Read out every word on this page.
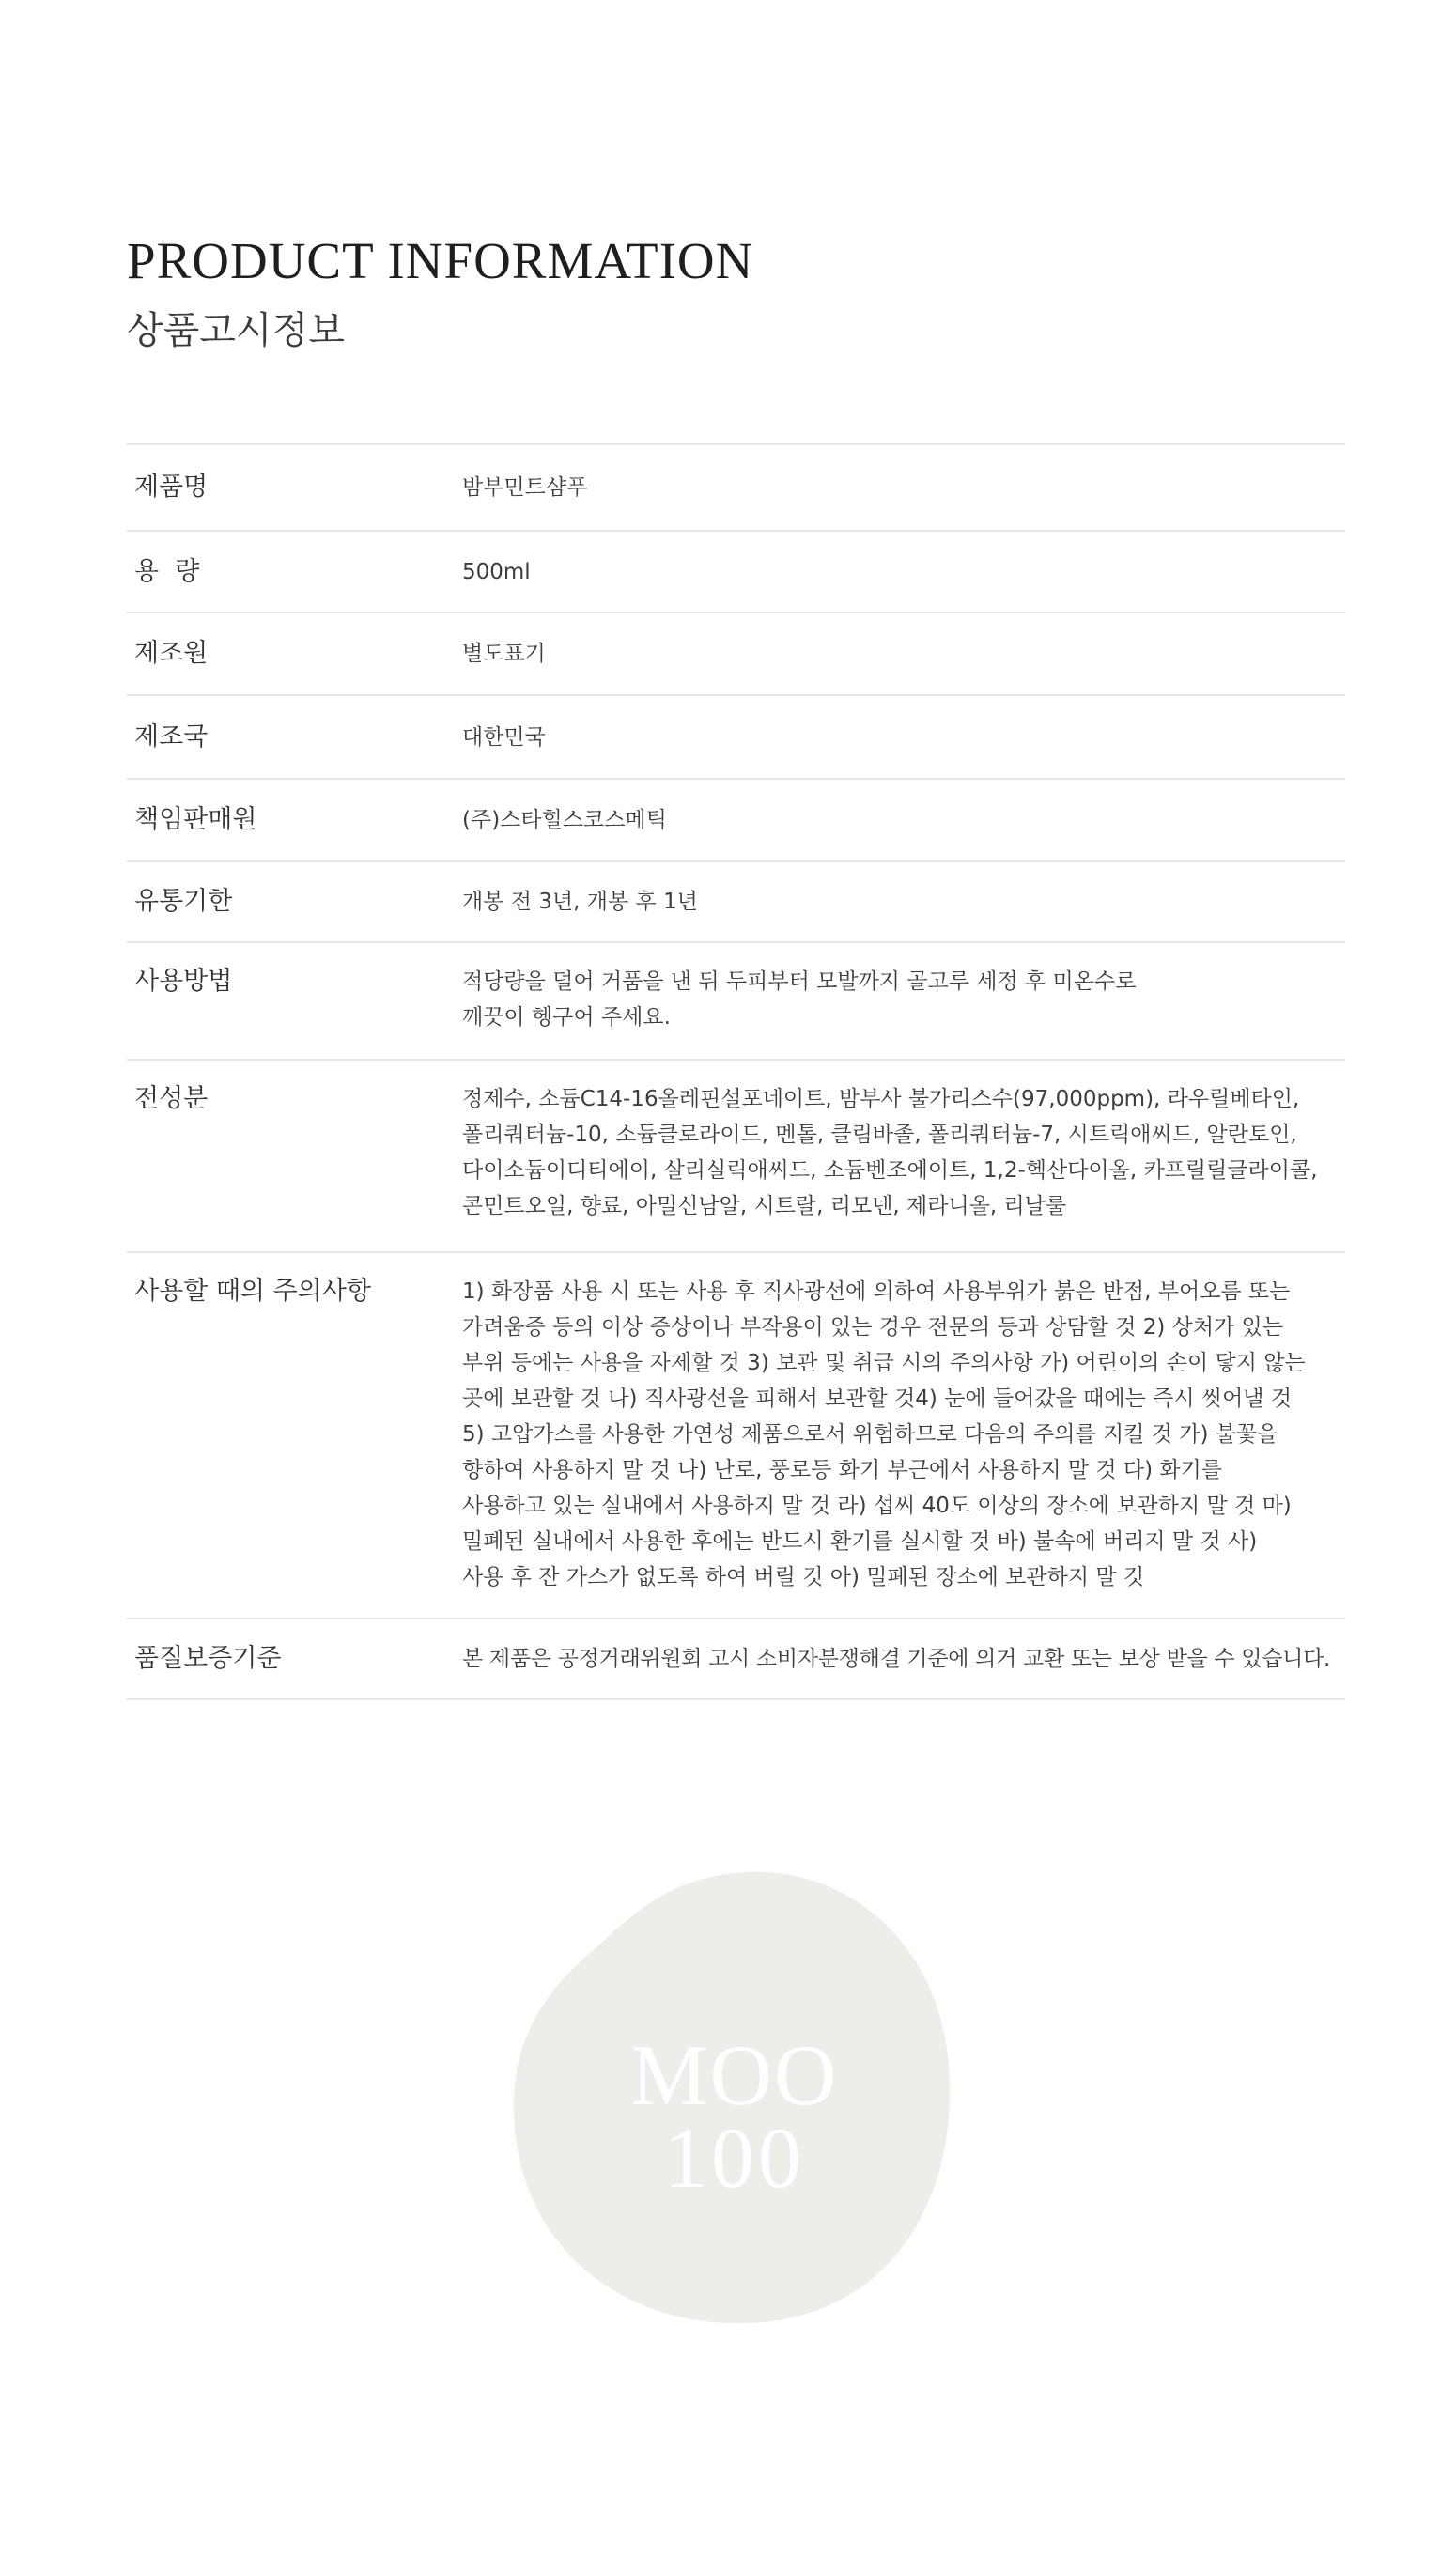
PRODUCT INFORMATION
상품고시정보
제품명	밤부민트샴푸
용  량	500ml
제조원	별도표기
제조국	대한민국
책임판매원	(주)스타힐스코스메틱
유통기한	개봉 전 3년, 개봉 후 1년
사용방법	적당량을 덜어 거품을 낸 뒤 두피부터 모발까지 골고루 세정 후 미온수로
깨끗이 헹구어 주세요.
전성분	정제수, 소듐C14-16올레핀설포네이트, 밤부사 불가리스수(97,000ppm), 라우릴베타인,
폴리쿼터늄-10, 소듐클로라이드, 멘톨, 클림바졸, 폴리쿼터늄-7, 시트릭애씨드, 알란토인,
다이소듐이디티에이, 살리실릭애씨드, 소듐벤조에이트, 1,2-헥산다이올, 카프릴릴글라이콜,
콘민트오일, 향료, 아밀신남알, 시트랄, 리모넨, 제라니올, 리날룰
사용할 때의 주의사항	1) 화장품 사용 시 또는 사용 후 직사광선에 의하여 사용부위가 붉은 반점, 부어오름 또는
가려움증 등의 이상 증상이나 부작용이 있는 경우 전문의 등과 상담할 것 2) 상처가 있는
부위 등에는 사용을 자제할 것 3) 보관 및 취급 시의 주의사항 가) 어린이의 손이 닿지 않는
곳에 보관할 것 나) 직사광선을 피해서 보관할 것4) 눈에 들어갔을 때에는 즉시 씻어낼 것
5) 고압가스를 사용한 가연성 제품으로서 위험하므로 다음의 주의를 지킬 것 가) 불꽃을
향하여 사용하지 말 것 나) 난로, 풍로등 화기 부근에서 사용하지 말 것 다) 화기를
사용하고 있는 실내에서 사용하지 말 것 라) 섭씨 40도 이상의 장소에 보관하지 말 것 마)
밀폐된 실내에서 사용한 후에는 반드시 환기를 실시할 것 바) 불속에 버리지 말 것 사)
사용 후 잔 가스가 없도록 하여 버릴 것 아) 밀폐된 장소에 보관하지 말 것
품질보증기준	본 제품은 공정거래위원회 고시 소비자분쟁해결 기준에 의거 교환 또는 보상 받을 수 있습니다.
MOO
100
